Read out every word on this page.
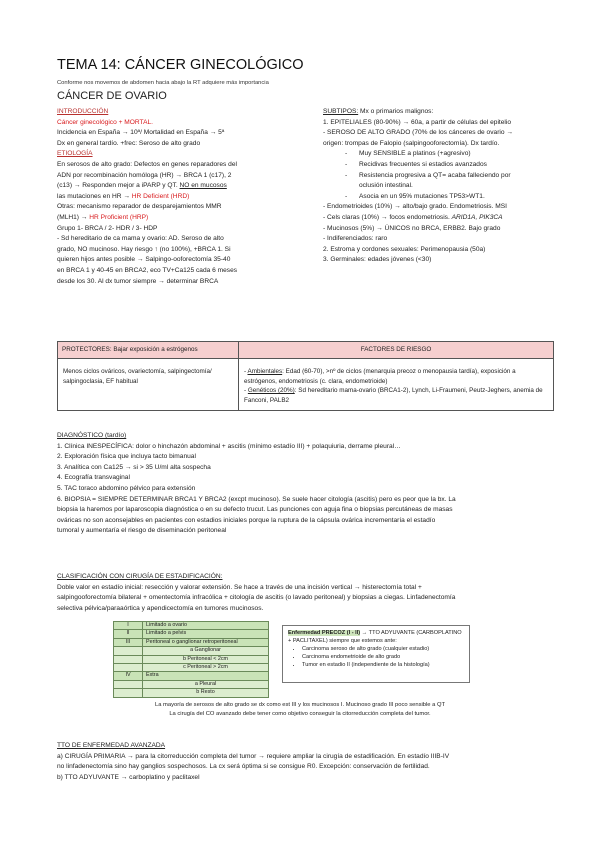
TEMA 14: CÁNCER GINECOLÓGICO
Conforme nos movemos de abdomen hacia abajo la RT adquiere más importancia
CÁNCER DE OVARIO
INTRODUCCIÓN
Cáncer ginecológico + MORTAL.
Incidencia en España → 10ª/ Mortalidad en España → 5ª
Dx en general tardío. +frec: Seroso de alto grado
ETIOLOGÍA
En serosos de alto grado: Defectos en genes reparadores del
ADN por recombinación homóloga (HR) → BRCA 1 (c17), 2
(c13) → Responden mejor a iPARP y QT. NO en mucosos
las mutaciones en HR → HR Deficient (HRD)
Otras: mecanismo reparador de desparejamientos MMR
(MLH1) → HR Proficient (HRP)
Grupo 1- BRCA / 2- HDR / 3- HDP
- Sd hereditario de ca mama y ovario: AD. Seroso de alto
grado, NO mucinoso. Hay riesgo ↑ (no 100%), +BRCA 1. Si
quieren hijos antes posible → Salpingo-ooforectomía 35-40
en BRCA 1 y 40-45 en BRCA2, eco TV+Ca125 cada 6 meses
desde los 30. Al dx tumor siempre → determinar BRCA
SUBTIPOS: Mx o primarios malignos:
1. EPITELIALES (80-90%) → 60a, a partir de células del epitelio
- SEROSO DE ALTO GRADO (70% de los cánceres de ovario →
origen: trompas de Falopio (salpingooforectomía). Dx tardío.
- Muy SENSIBLE a platinos (+agresivo)
- Recidivas frecuentes si estadios avanzados
- Resistencia progresiva a QT= acaba falleciendo por
oclusión intestinal.
- Asocia en un 95% mutaciones TP53>WT1.
- Endometrioides (10%) → alto/bajo grado. Endometriosis. MSI
- Cels claras (10%) → focos endometriosis. ARID1A, PIK3CA
- Mucinosos (5%) → ÚNICOS no BRCA, ERBB2. Bajo grado
- Indiferenciados: raro
2. Estroma y cordones sexuales: Perimenopausia (50a)
3. Germinales: edades jóvenes (<30)
PROTECTORES: Bajar exposición a estrógenos	FACTORES DE RIESGO
Menos ciclos ováricos, ovariectomía, salpingectomía/ salpingoclasia, EF habitual	- Ambientales: Edad (60-70), >nº de ciclos (menarquia precoz o menopausia tardía), exposición a estrógenos, endometriosis (c. clara, endometrioide)
- Genéticos (20%): Sd hereditario mama-ovario (BRCA1-2), Lynch, Li-Fraumeni, Peutz-Jeghers, anemia de Fanconi, PALB2
DIAGNÓSTICO (tardío)
1. Clínica INESPECÍFICA: dolor o hinchazón abdominal + ascitis (mínimo estadío III) + polaquiuria, derrame pleural…
2. Exploración física que incluya tacto bimanual
3. Analítica con Ca125 → si > 35 U/ml alta sospecha
4. Ecografía transvaginal
5. TAC toraco abdomino pélvico para extensión
6. BIOPSIA = SIEMPRE DETERMINAR BRCA1 Y BRCA2 (excpt mucinoso). Se suele hacer citología (ascitis) pero es peor que la bx. La
biopsia la haremos por laparoscopia diagnóstica o en su defecto trucut. Las punciones con aguja fina o biopsias percutáneas de masas
ováricas no son aconsejables en pacientes con estadios iniciales porque la ruptura de la cápsula ovárica incrementaría el estadío
tumoral y aumentaría el riesgo de diseminación peritoneal
CLASIFICACIÓN CON CIRUGÍA DE ESTADIFICACIÓN:
Doble valor en estadío inicial: resección y valorar extensión. Se hace a través de una incisión vertical → histerectomía total +
salpingooforectomía bilateral + omentectomía infracólica + citología de ascitis (o lavado peritoneal) y biopsias a ciegas. Linfadenectomía
selectiva pélvica/paraaórtica y apendicectomía en tumores mucinosos.
I	Limitado a ovario
II	Limitado a pelvis
III	Peritoneal o ganglionar retroperitoneal
	a Ganglionar
	b Peritoneal < 2cm
	c Peritoneal > 2cm
IV	Extra
	a Pleural
	b Resto
Enfermedad PRECOZ (I - II) → TTO ADYUVANTE (CARBOPLATINO + PACLITAXEL) siempre que estemos ante:
• Carcinoma seroso de alto grado (cualquier estadio)
• Carcinoma endometrioide de alto grado
• Tumor en estadio II (independiente de la histología)
La mayoría de serosos de alto grado se dx como est III y los mucinosos I. Mucinoso grado III poco sensible a QT
La cirugía del CO avanzado debe tener como objetivo conseguir la citorreducción completa del tumor.
TTO DE ENFERMEDAD AVANZADA
a) CIRUGÍA PRIMARIA → para la citorreducción completa del tumor → requiere ampliar la cirugía de estadificación. En estadío IIIB-IV
no linfadenectomía sino hay ganglios sospechosos. La cx será óptima si se consigue R0. Excepción: conservación de fertilidad.
b) TTO ADYUVANTE → carboplatino y paclitaxel
